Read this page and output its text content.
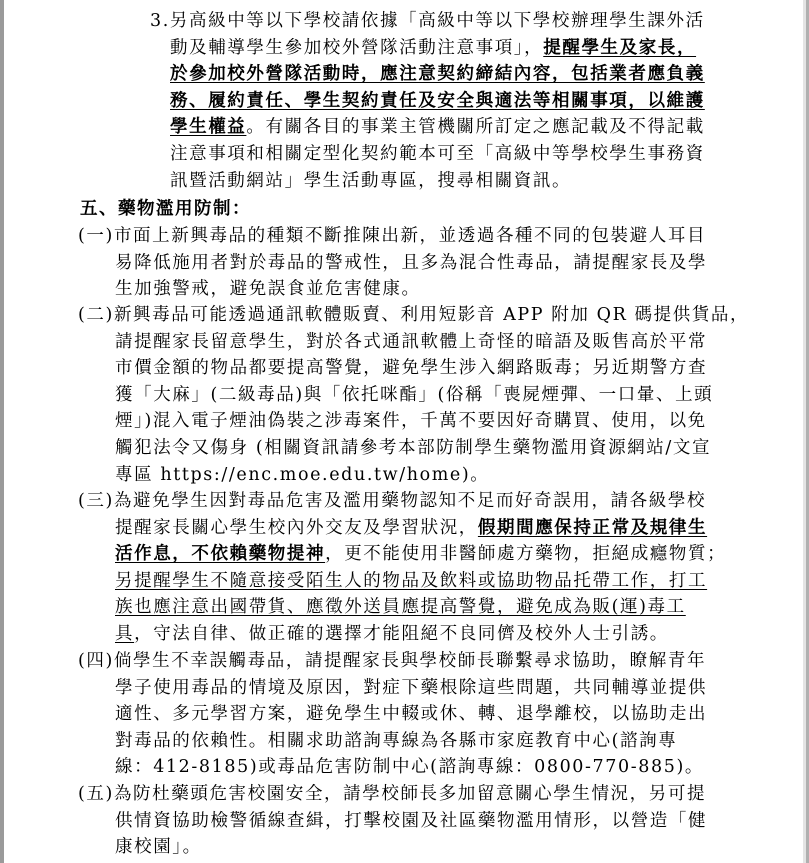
五、藥物濫用防制：
3.另高級中等以下學校請依據「高級中等以下學校辦理學生課外活
動及輔導學生參加校外營隊活動注意事項」，提醒學生及家長，
於參加校外營隊活動時，應注意契約締結內容，包括業者應負義
務、履約責任、學生契約責任及安全與適法等相關事項，以維護
學生權益。有關各目的事業主管機關所訂定之應記載及不得記載
注意事項和相關定型化契約範本可至「高級中等學校學生事務資
訊暨活動網站」學生活動專區，搜尋相關資訊。
(一)市面上新興毒品的種類不斷推陳出新，並透過各種不同的包裝避人耳目
易降低施用者對於毒品的警戒性，且多為混合性毒品，請提醒家長及學
生加強警戒，避免誤食並危害健康。
(二)新興毒品可能透過通訊軟體販賣、利用短影音 APP 附加 QR 碼提供貨品，
請提醒家長留意學生，對於各式通訊軟體上奇怪的暗語及販售高於平常
市價金額的物品都要提高警覺，避免學生涉入網路販毒；另近期警方查
獲「大麻」(二級毒品)與「依托咪酯」(俗稱「喪屍煙彈、一口暈、上頭
煙」)混入電子煙油偽裝之涉毒案件，千萬不要因好奇購買、使用，以免
觸犯法令又傷身 (相關資訊請參考本部防制學生藥物濫用資源網站/文宣
專區 https://enc.moe.edu.tw/home)。
(三)為避免學生因對毒品危害及濫用藥物認知不足而好奇誤用，請各級學校
提醒家長關心學生校內外交友及學習狀況，假期間應保持正常及規律生
活作息，不依賴藥物提神，更不能使用非醫師處方藥物，拒絕成癮物質；
另提醒學生不隨意接受陌生人的物品及飲料或協助物品托帶工作，打工
族也應注意出國帶貨、應徵外送員應提高警覺，避免成為販(運)毒工
具，守法自律、做正確的選擇才能阻絕不良同儕及校外人士引誘。
(四)倘學生不幸誤觸毒品，請提醒家長與學校師長聯繫尋求協助，瞭解青年
學子使用毒品的情境及原因，對症下藥根除這些問題，共同輔導並提供
適性、多元學習方案，避免學生中輟或休、轉、退學離校，以協助走出
對毒品的依賴性。相關求助諮詢專線為各縣市家庭教育中心(諮詢專
線：412-8185)或毒品危害防制中心(諮詢專線：0800-770-885)。
(五)為防杜藥頭危害校園安全，請學校師長多加留意關心學生情況，另可提
供情資協助檢警循線查緝，打擊校園及社區藥物濫用情形，以營造「健
康校園」。
